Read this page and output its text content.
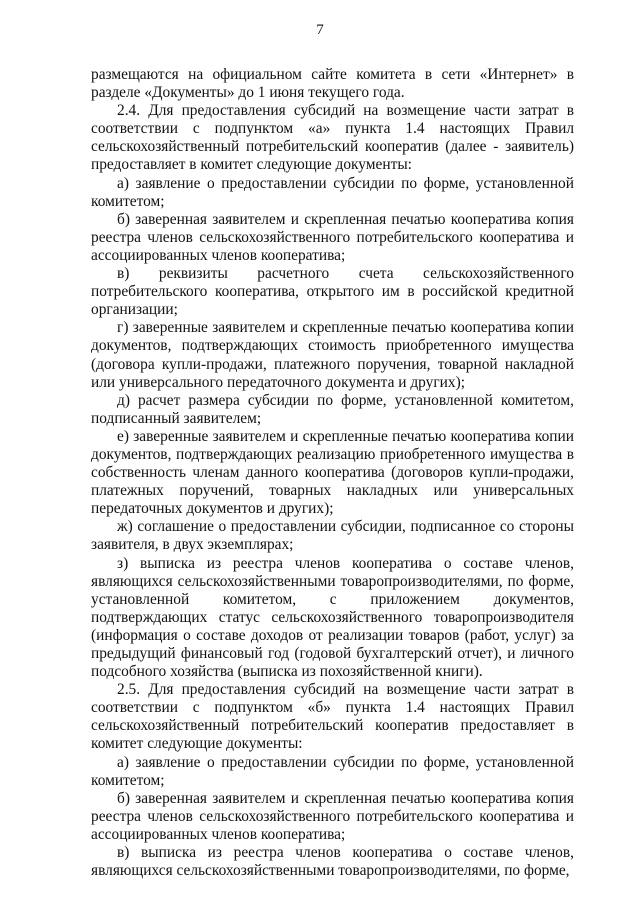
7

размещаются на официальном сайте комитета в сети «Интернет» в разделе «Документы» до 1 июня текущего года.

2.4. Для предоставления субсидий на возмещение части затрат в соответствии с подпунктом «а» пункта 1.4 настоящих Правил сельскохозяйственный потребительский кооператив (далее - заявитель) предоставляет в комитет следующие документы:

а) заявление о предоставлении субсидии по форме, установленной комитетом;

б) заверенная заявителем и скрепленная печатью кооператива копия реестра членов сельскохозяйственного потребительского кооператива и ассоциированных членов кооператива;

в) реквизиты расчетного счета сельскохозяйственного потребительского кооператива, открытого им в российской кредитной организации;

г) заверенные заявителем и скрепленные печатью кооператива копии документов, подтверждающих стоимость приобретенного имущества (договора купли-продажи, платежного поручения, товарной накладной или универсального передаточного документа и других);

д) расчет размера субсидии по форме, установленной комитетом, подписанный заявителем;

е) заверенные заявителем и скрепленные печатью кооператива копии документов, подтверждающих реализацию приобретенного имущества в собственность членам данного кооператива (договоров купли-продажи, платежных поручений, товарных накладных или универсальных передаточных документов и других);

ж) соглашение о предоставлении субсидии, подписанное со стороны заявителя, в двух экземплярах;

з) выписка из реестра членов кооператива о составе членов, являющихся сельскохозяйственными товаропроизводителями, по форме, установленной комитетом, с приложением документов, подтверждающих статус сельскохозяйственного товаропроизводителя (информация о составе доходов от реализации товаров (работ, услуг) за предыдущий финансовый год (годовой бухгалтерский отчет), и личного подсобного хозяйства (выписка из похозяйственной книги).

2.5. Для предоставления субсидий на возмещение части затрат в соответствии с подпунктом «б» пункта 1.4 настоящих Правил сельскохозяйственный потребительский кооператив предоставляет в комитет следующие документы:

а) заявление о предоставлении субсидии по форме, установленной комитетом;

б) заверенная заявителем и скрепленная печатью кооператива копия реестра членов сельскохозяйственного потребительского кооператива и ассоциированных членов кооператива;

в) выписка из реестра членов кооператива о составе членов, являющихся сельскохозяйственными товаропроизводителями, по форме,
